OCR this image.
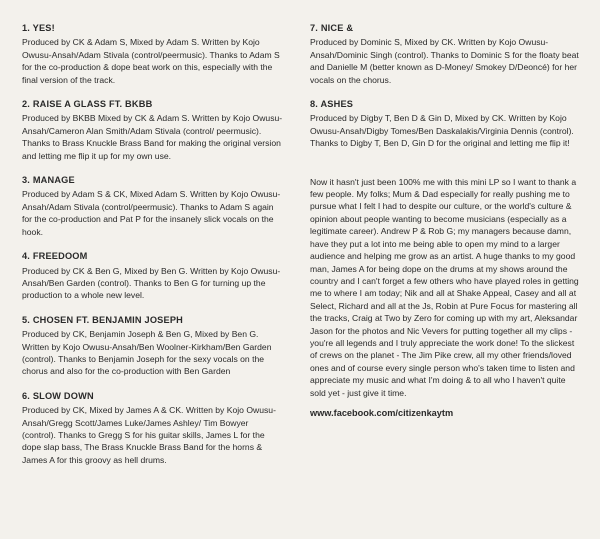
1. YES!
Produced by CK & Adam S, Mixed by Adam S. Written by Kojo Owusu-Ansah/Adam Stivala (control/peermusic). Thanks to Adam S for the co-production & dope beat work on this, especially with the final version of the track.
2. RAISE A GLASS FT. BKBB
Produced by BKBB Mixed by CK & Adam S. Written by Kojo Owusu-Ansah/Cameron Alan Smith/Adam Stivala (control/ peermusic). Thanks to Brass Knuckle Brass Band for making the original version and letting me flip it up for my own use.
3. MANAGE
Produced by Adam S & CK, Mixed Adam S. Written by Kojo Owusu-Ansah/Adam Stivala (control/peermusic). Thanks to Adam S again for the co-production and Pat P for the insanely slick vocals on the hook.
4. FREEDOOM
Produced by CK & Ben G, Mixed by Ben G. Written by Kojo Owusu-Ansah/Ben Garden (control). Thanks to Ben G for turning up the production to a whole new level.
5. CHOSEN FT. BENJAMIN JOSEPH
Produced by CK, Benjamin Joseph & Ben G, Mixed by Ben G. Written by Kojo Owusu-Ansah/Ben Woolner-Kirkham/Ben Garden (control). Thanks to Benjamin Joseph for the sexy vocals on the chorus and also for the co-production with Ben Garden
6. SLOW DOWN
Produced by CK, Mixed by James A & CK. Written by Kojo Owusu-Ansah/Gregg Scott/James Luke/James Ashley/ Tim Bowyer (control). Thanks to Gregg S for his guitar skills, James L for the dope slap bass, The Brass Knuckle Brass Band for the horns & James A for this groovy as hell drums.
7. NICE &
Produced by Dominic S, Mixed by CK. Written by Kojo Owusu-Ansah/Dominic Singh (control). Thanks to Dominic S for the floaty beat and Danielle M (better known as D-Money/ Smokey D/Deoncé) for her vocals on the chorus.
8. ASHES
Produced by Digby T, Ben D & Gin D, Mixed by CK. Written by Kojo Owusu-Ansah/Digby Tomes/Ben Daskalakis/Virginia Dennis (control). Thanks to Digby T, Ben D, Gin D for the original and letting me flip it!
Now it hasn't just been 100% me with this mini LP so I want to thank a few people. My folks; Mum & Dad especially for really pushing me to pursue what I felt I had to despite our culture, or the world's culture & opinion about people wanting to become musicians (especially as a legitimate career). Andrew P & Rob G; my managers because damn, have they put a lot into me being able to open my mind to a larger audience and helping me grow as an artist. A huge thanks to my good man, James A for being dope on the drums at my shows around the country and I can't forget a few others who have played roles in getting me to where I am today; Nik and all at Shake Appeal, Casey and all at Select, Richard and all at the Js, Robin at Pure Focus for mastering all the tracks, Craig at Two by Zero for coming up with my art, Aleksandar Jason for the photos and Nic Vevers for putting together all my clips - you're all legends and I truly appreciate the work done! To the slickest of crews on the planet - The Jim Pike crew, all my other friends/loved ones and of course every single person who's taken time to listen and appreciate my music and what I'm doing & to all who I haven't quite sold yet - just give it time.
www.facebook.com/citizenkaytm
